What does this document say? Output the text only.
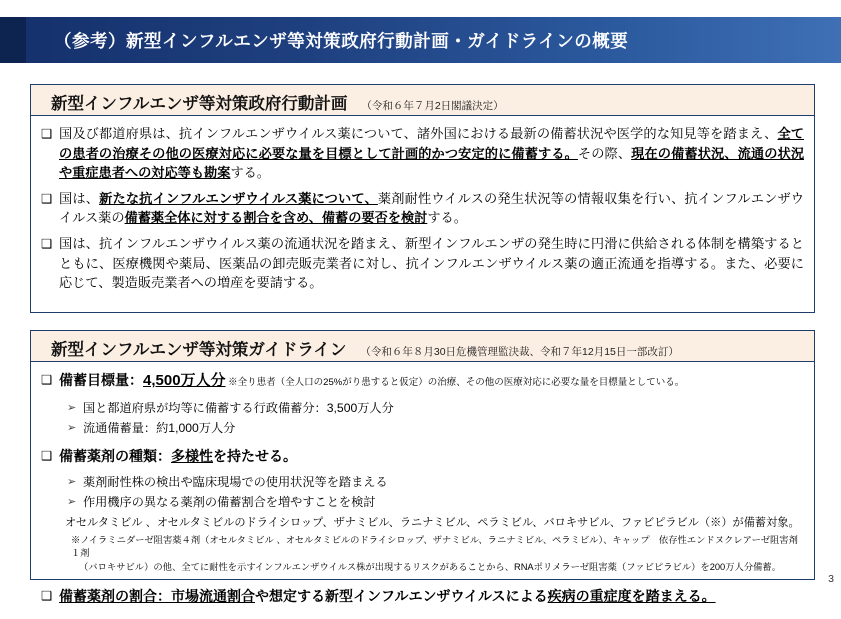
（参考）新型インフルエンザ等対策政府行動計画・ガイドラインの概要
新型インフルエンザ等対策政府行動計画	（令和６年７月2日閣議決定）
❑ 国及び都道府県は、抗インフルエンザウイルス薬について、諸外国における最新の備蓄状況や医学的な知見等を踏まえ、全ての患者の治療その他の医療対応に必要な量を目標として計画的かつ安定的に備蓄する。その際、現在の備蓄状況、流通の状況や重症患者への対応等も勘案する。
❑ 国は、新たな抗インフルエンザウイルス薬について、薬剤耐性ウイルスの発生状況等の情報収集を行い、抗インフルエンザウイルス薬の備蓄薬全体に対する割合を含め、備蓄の要否を検討する。
❑ 国は、抗インフルエンザウイルス薬の流通状況を踏まえ、新型インフルエンザの発生時に円滑に供給される体制を構築するとともに、医療機関や薬局、医薬品の卸売販売業者に対し、抗インフルエンザウイルス薬の適正流通を指導する。また、必要に応じて、製造販売業者への増産を要請する。
新型インフルエンザ等対策ガイドライン	（令和６年８月30日危機管理監決裁、令和７年12月15日一部改訂）
❑ 備蓄目標量：4,500万人分 ※全り患者（全人口の25%がり患すると仮定）の治療、その他の医療対応に必要な量を目標量としている。
➢ 国と都道府県が均等に備蓄する行政備蓄分：3,500万人分
➢ 流通備蓄量：約1,000万人分
❑ 備蓄薬剤の種類：多様性を持たせる。
➢ 薬剤耐性株の検出や臨床現場での使用状況等を踏まえる
➢ 作用機序の異なる薬剤の備蓄割合を増やすことを検討
オセルタミビル 、オセルタミビルのドライシロップ、ザナミビル、ラニナミビル、ペラミビル、バロキサビル、ファビピラビル（※）が備蓄対象。
※ノイラミニダーゼ阻害薬４剤（オセルタミビル 、オセルタミビルのドライシロップ、ザナミビル、ラニナミビル、ペラミビル）、キャップ　依存性エンドヌクレアーゼ阻害剤１剤
（バロキサビル）の他、全てに耐性を示すインフルエンザウイルス株が出現するリスクがあることから、RNAポリメラーゼ阻害薬（ファビピラビル）を200万人分備蓄。
❑ 備蓄薬剤の割合：市場流通割合や想定する新型インフルエンザウイルスによる疾病の重症度を踏まえる。
3
